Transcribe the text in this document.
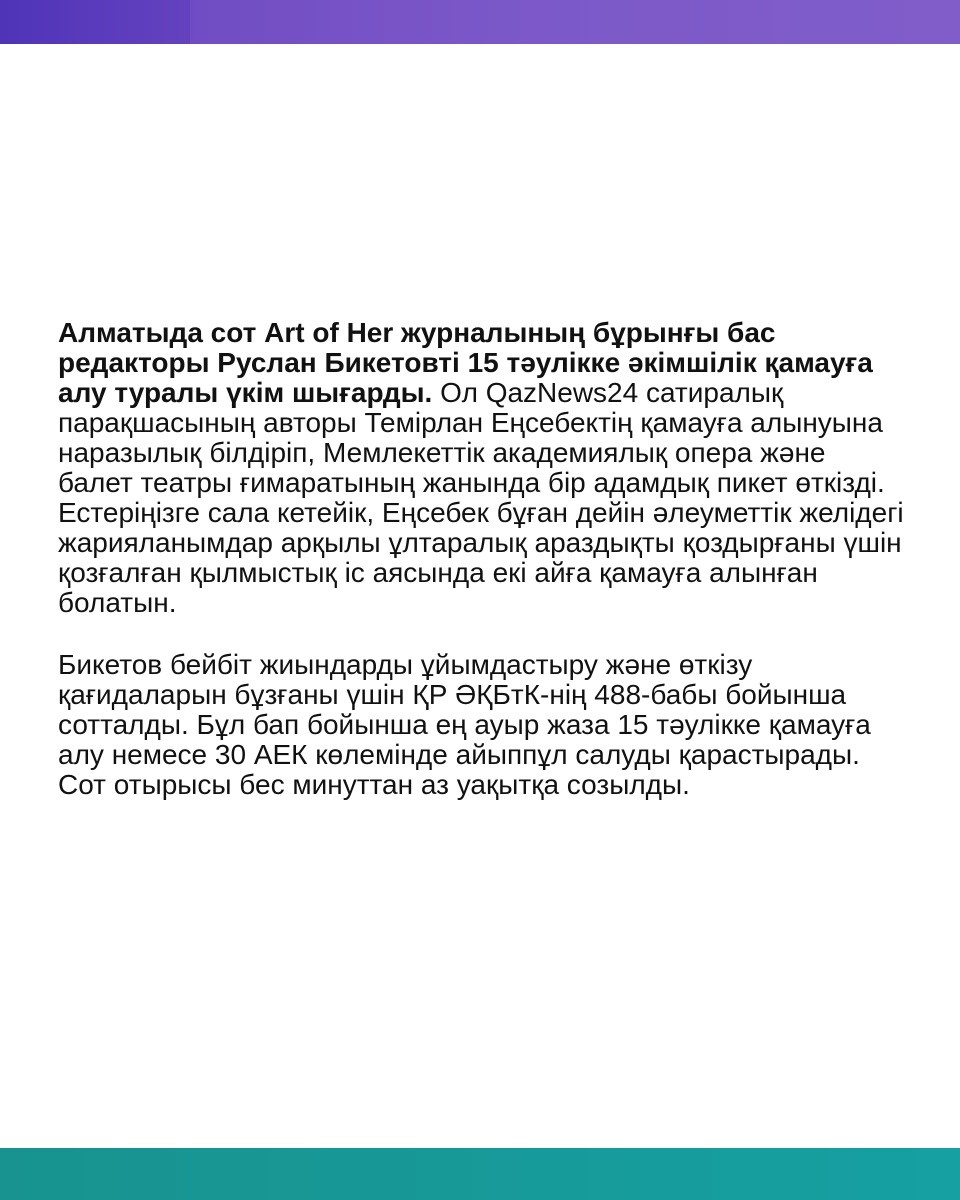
Алматыда сот Art of Her журналының бұрынғы бас редакторы Руслан Бикетовті 15 тәулікке әкімшілік қамауға алу туралы үкім шығарды. Ол QazNews24 сатиралық парақшасының авторы Темірлан Еңсебектің қамауға алынуына наразылық білдіріп, Мемлекеттік академиялық опера және балет театры ғимаратының жанында бір адамдық пикет өткізді. Естеріңізге сала кетейік, Еңсебек бұған дейін әлеуметтік желідегі жарияланымдар арқылы ұлтаралық араздықты қоздырғаны үшін қозғалған қылмыстық іс аясында екі айға қамауға алынған болатын.

Бикетов бейбіт жиындарды ұйымдастыру және өткізу қағидаларын бұзғаны үшін ҚР ӘҚБтК-нің 488-бабы бойынша сотталды. Бұл бап бойынша ең ауыр жаза 15 тәулікке қамауға алу немесе 30 АЕК көлемінде айыппұл салуды қарастырады. Сот отырысы бес минуттан аз уақытқа созылды.
